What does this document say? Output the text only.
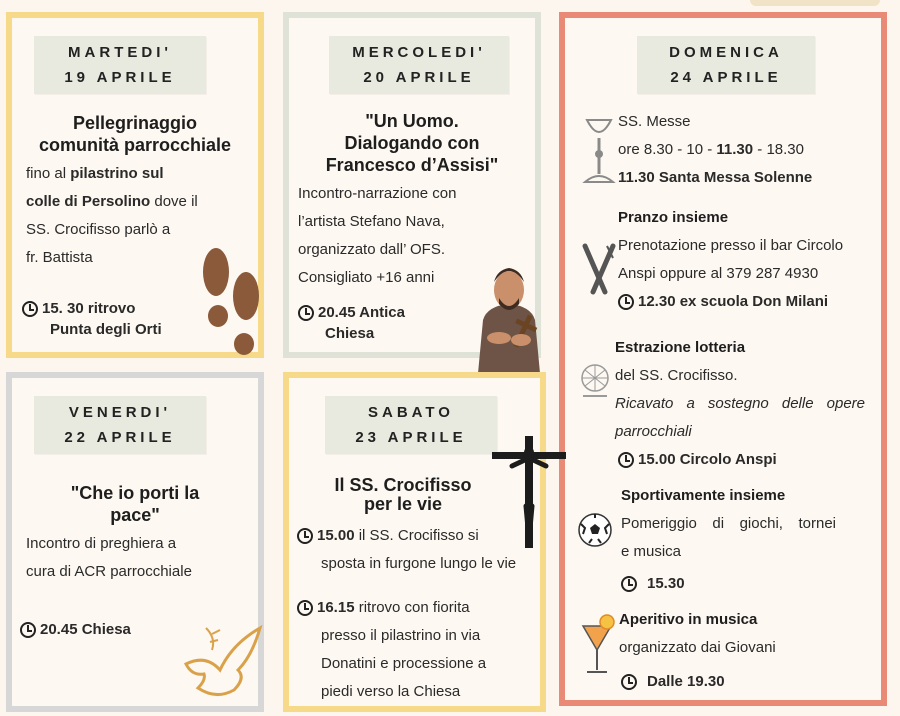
MARTEDI'
19 APRILE
Pellegrinaggio
comunità parrocchiale
fino al pilastrino sul
colle di Persolino dove il
SS. Crocifisso parlò a
fr. Battista
15. 30 ritrovo
Punta degli Orti
MERCOLEDI'
20 APRILE
"Un Uomo.
Dialogando con
Francesco d’Assisi"
Incontro-narrazione con
l’artista Stefano Nava,
organizzato dall’ OFS.
Consigliato +16 anni
20.45 Antica
Chiesa
DOMENICA
24 APRILE
SS. Messe
ore 8.30 - 10 - 11.30 - 18.30
11.30 Santa Messa Solenne
Pranzo insieme
Prenotazione presso il bar Circolo
Anspi oppure al 379 287 4930
12.30 ex scuola Don Milani
Estrazione lotteria
del SS. Crocifisso.
Ricavato a sostegno delle opere
parrocchiali
15.00 Circolo Anspi
Sportivamente insieme
Pomeriggio di giochi, tornei
e musica
15.30
Aperitivo in musica
organizzato dai Giovani
Dalle 19.30
VENERDI'
22 APRILE
"Che io porti la
pace"
Incontro di preghiera a
cura di ACR parrocchiale
20.45 Chiesa
SABATO
23 APRILE
Il SS. Crocifisso
per le vie
15.00 il SS. Crocifisso si
sposta in furgone lungo le vie
16.15 ritrovo con fiorita
presso il pilastrino in via
Donatini e processione a
piedi verso la Chiesa
